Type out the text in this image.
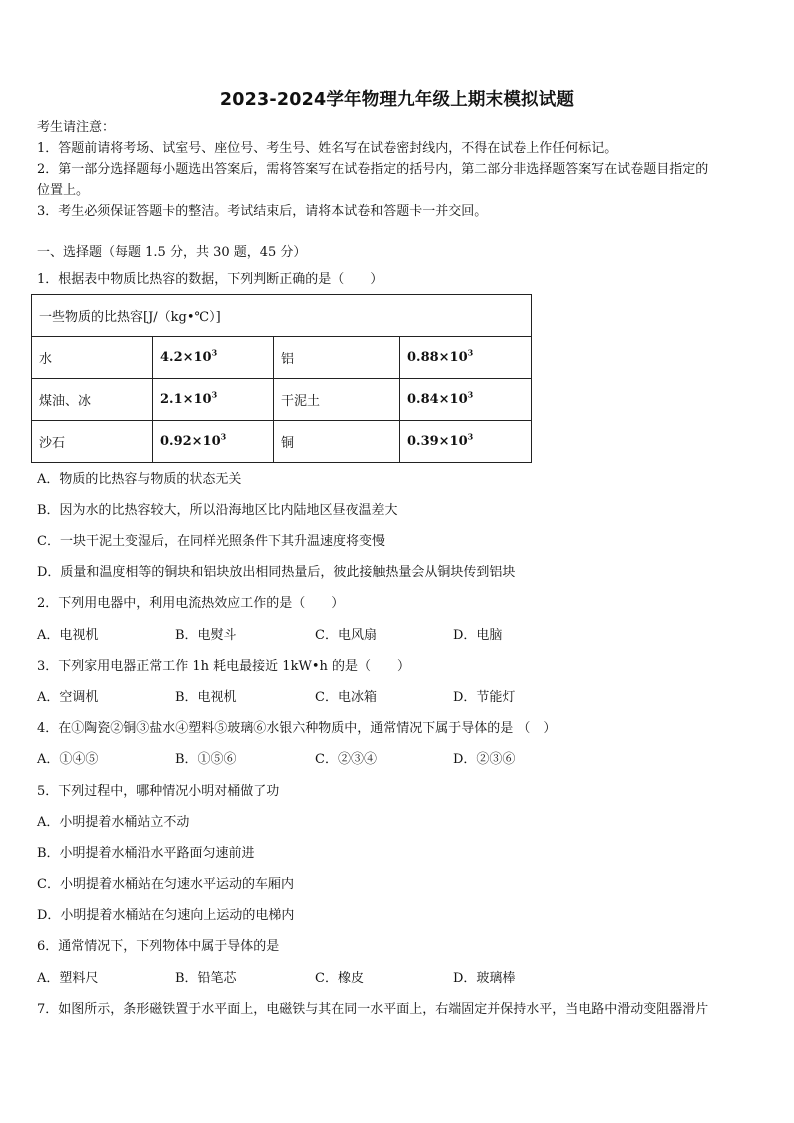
2023-2024学年物理九年级上期末模拟试题
考生请注意：
1．答题前请将考场、试室号、座位号、考生号、姓名写在试卷密封线内，不得在试卷上作任何标记。
2．第一部分选择题每小题选出答案后，需将答案写在试卷指定的括号内，第二部分非选择题答案写在试卷题目指定的
位置上。
3．考生必须保证答题卡的整洁。考试结束后，请将本试卷和答题卡一并交回。
一、选择题（每题 1.5 分，共 30 题，45 分）
1．根据表中物质比热容的数据，下列判断正确的是（　　）
一些物质的比热容[J/（kg•℃）]			
水	$4.2\times 10^3$	铝	$0.88\times 10^3$
煤油、冰	$2.1\times 10^3$	干泥土	$0.84\times 10^3$
沙石	$0.92\times 10^3$	铜	$0.39\times 10^3$
A．物质的比热容与物质的状态无关
B．因为水的比热容较大，所以沿海地区比内陆地区昼夜温差大
C．一块干泥土变湿后，在同样光照条件下其升温速度将变慢
D．质量和温度相等的铜块和铝块放出相同热量后，彼此接触热量会从铜块传到铝块
2．下列用电器中，利用电流热效应工作的是（　　）
A．电视机	B．电熨斗	C．电风扇	D．电脑
3．下列家用电器正常工作 1h 耗电最接近 1kW•h 的是（　　）
A．空调机	B．电视机	C．电冰箱	D．节能灯
4．在①陶瓷②铜③盐水④塑料⑤玻璃⑥水银六种物质中，通常情况下属于导体的是 （　）
A．①④⑤	B．①⑤⑥	C．②③④	D．②③⑥
5．下列过程中，哪种情况小明对桶做了功
A．小明提着水桶站立不动
B．小明提着水桶沿水平路面匀速前进
C．小明提着水桶站在匀速水平运动的车厢内
D．小明提着水桶站在匀速向上运动的电梯内
6．通常情况下，下列物体中属于导体的是
A．塑料尺	B．铅笔芯	C．橡皮	D．玻璃棒
7．如图所示，条形磁铁置于水平面上，电磁铁与其在同一水平面上，右端固定并保持水平，当电路中滑动变阻器滑片
